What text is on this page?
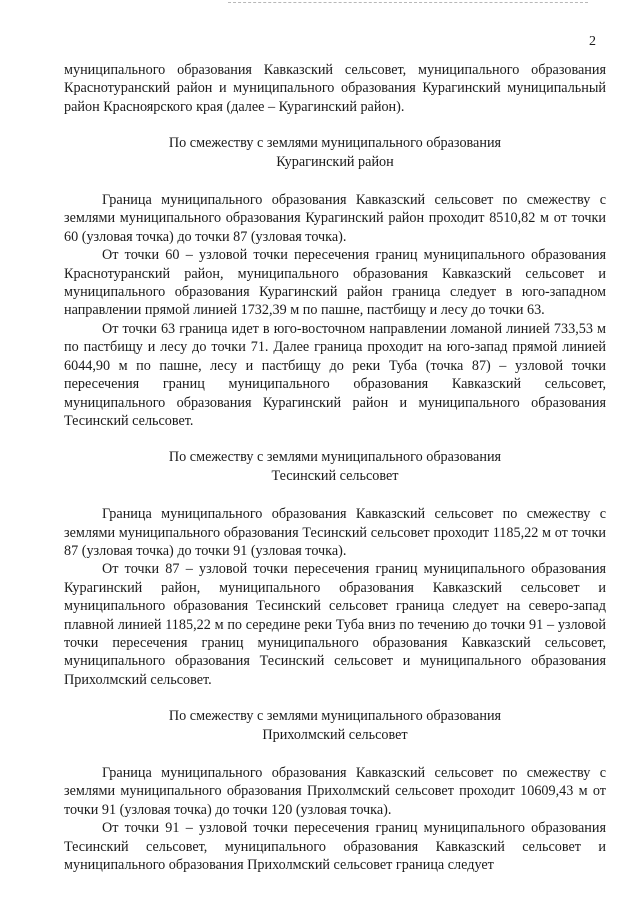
2

муниципального образования Кавказский сельсовет, муниципального образования Краснотуранский район и муниципального образования Курагинский муниципальный район Красноярского края (далее – Курагинский район).

По смежеству с землями муниципального образования

Курагинский район

Граница муниципального образования Кавказский сельсовет по смежеству с землями муниципального образования Курагинский район проходит 8510,82 м от точки 60 (узловая точка) до точки 87 (узловая точка).

От точки 60 – узловой точки пересечения границ муниципального образования Краснотуранский район, муниципального образования Кавказский сельсовет и муниципального образования Курагинский район граница следует в юго-западном направлении прямой линией 1732,39 м по пашне, пастбищу и лесу до точки 63.

От точки 63 граница идет в юго-восточном направлении ломаной линией 733,53 м по пастбищу и лесу до точки 71. Далее граница проходит на юго-запад прямой линией 6044,90 м по пашне, лесу и пастбищу до реки Туба (точка 87) – узловой точки пересечения границ муниципального образования Кавказский сельсовет, муниципального образования Курагинский район и муниципального образования Тесинский сельсовет.

По смежеству с землями муниципального образования

Тесинский сельсовет

Граница муниципального образования Кавказский сельсовет по смежеству с землями муниципального образования Тесинский сельсовет проходит 1185,22 м от точки 87 (узловая точка) до точки 91 (узловая точка).

От точки 87 – узловой точки пересечения границ муниципального образования Курагинский район, муниципального образования Кавказский сельсовет и муниципального образования Тесинский сельсовет граница следует на северо-запад плавной линией 1185,22 м по середине реки Туба вниз по течению до точки 91 – узловой точки пересечения границ муниципального образования Кавказский сельсовет, муниципального образования Тесинский сельсовет и муниципального образования Прихолмский сельсовет.

По смежеству с землями муниципального образования

Прихолмский сельсовет

Граница муниципального образования Кавказский сельсовет по смежеству с землями муниципального образования Прихолмский сельсовет проходит 10609,43 м от точки 91 (узловая точка) до точки 120 (узловая точка).

От точки 91 – узловой точки пересечения границ муниципального образования Тесинский сельсовет, муниципального образования Кавказский сельсовет и муниципального образования Прихолмский сельсовет граница следует
